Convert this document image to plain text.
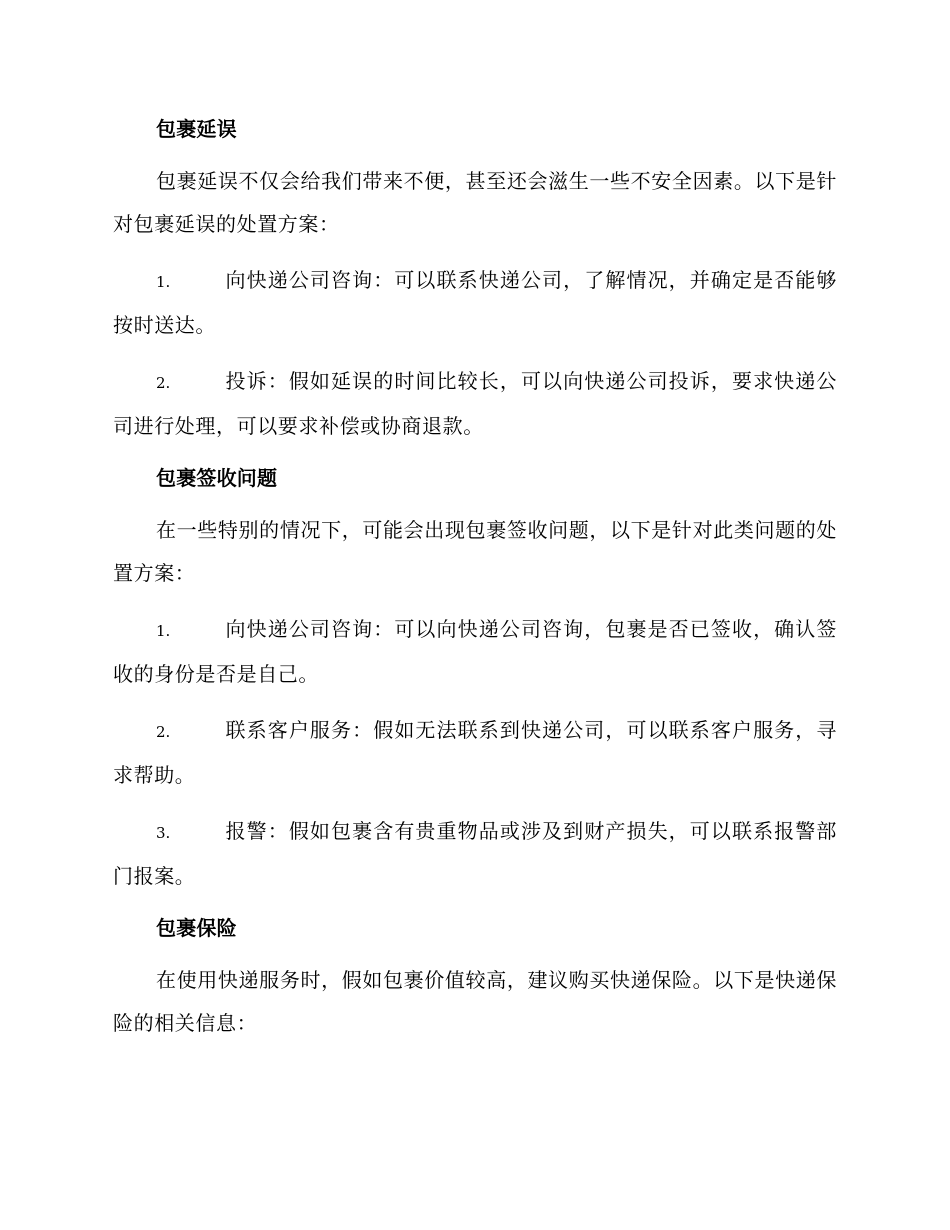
包裹延误

包裹延误不仅会给我们带来不便，甚至还会滋生一些不安全因素。以下是针对包裹延误的处置方案：

1.	向快递公司咨询：可以联系快递公司，了解情况，并确定是否能够按时送达。

2.	投诉：假如延误的时间比较长，可以向快递公司投诉，要求快递公司进行处理，可以要求补偿或协商退款。

包裹签收问题

在一些特别的情况下，可能会出现包裹签收问题，以下是针对此类问题的处置方案：

1.	向快递公司咨询：可以向快递公司咨询，包裹是否已签收，确认签收的身份是否是自己。

2.	联系客户服务：假如无法联系到快递公司，可以联系客户服务，寻求帮助。

3.	报警：假如包裹含有贵重物品或涉及到财产损失，可以联系报警部门报案。

包裹保险

在使用快递服务时，假如包裹价值较高，建议购买快递保险。以下是快递保险的相关信息：
